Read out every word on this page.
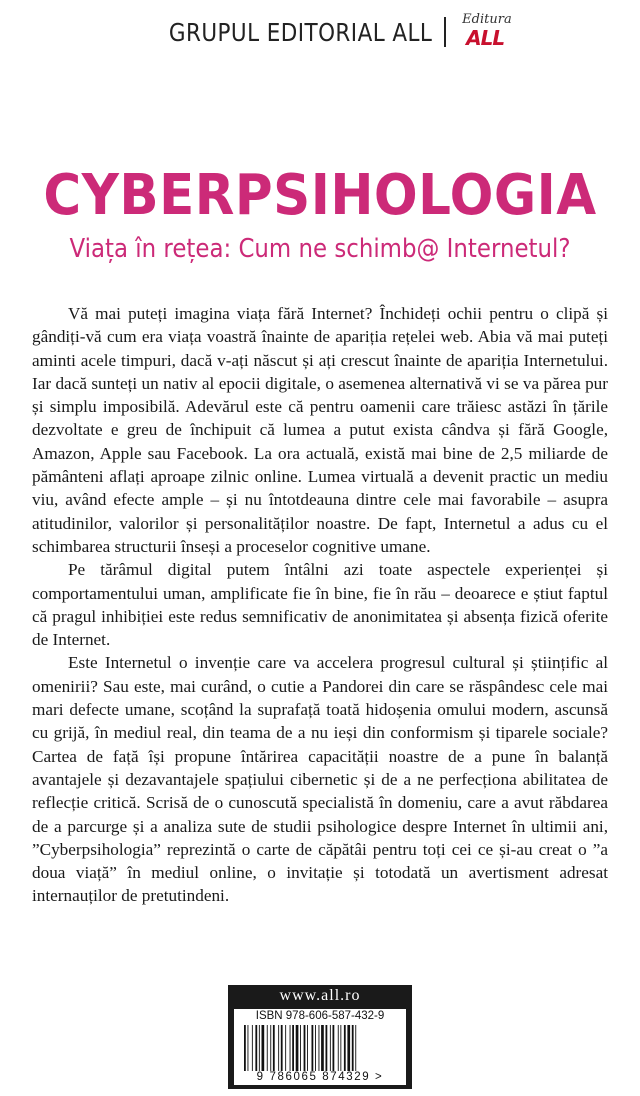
GRUPUL EDITORIAL ALL Editura
ALL
CYBERPSIHOLOGIA
Viața în rețea: Cum ne schimb@ Internetul?

Vă mai puteți imagina viața fără Internet? Închideți ochii pentru o clipă și gândiți-vă cum era viața voastră înainte de apariția rețelei web. Abia vă mai puteți aminti acele timpuri, dacă v-ați născut și ați crescut înainte de apariția Internetului. Iar dacă sunteți un nativ al epocii digitale, o asemenea alternativă vi se va părea pur și simplu imposibilă. Adevărul este că pentru oamenii care trăiesc astăzi în țările dezvoltate e greu de închipuit că lumea a putut exista cândva și fără Google, Amazon, Apple sau Facebook. La ora actuală, există mai bine de 2,5 miliarde de pământeni aflați aproape zilnic online. Lumea virtuală a devenit practic un mediu viu, având efecte ample – și nu întotdeauna dintre cele mai favorabile – asupra atitudinilor, valorilor și personalităților noastre. De fapt, Internetul a adus cu el schimbarea structurii înseși a proceselor cognitive umane.

Pe tărâmul digital putem întâlni azi toate aspectele experienței și comportamentului uman, amplificate fie în bine, fie în rău – deoarece e știut faptul că pragul inhibiției este redus semnificativ de anonimitatea și absența fizică oferite de Internet.

Este Internetul o invenție care va accelera progresul cultural și științific al omenirii? Sau este, mai curând, o cutie a Pandorei din care se răspândesc cele mai mari defecte umane, scoțând la suprafață toată hidoșenia omului modern, ascunsă cu grijă, în mediul real, din teama de a nu ieși din conformism și tiparele sociale? Cartea de față își propune întărirea capacității noastre de a pune în balanță avantajele și dezavantajele spațiului cibernetic și de a ne perfecționa abilitatea de reflecție critică. Scrisă de o cunoscută specialistă în domeniu, care a avut răbdarea de a parcurge și a analiza sute de studii psihologice despre Internet în ultimii ani, ”Cyberpsihologia” reprezintă o carte de căpătâi pentru toți cei ce și-au creat o ”a doua viață” în mediul online, o invitație și totodată un avertisment adresat internauților de pretutindeni.

www.all.ro
ISBN 978-606-587-432-9
9 786065 874329 >
